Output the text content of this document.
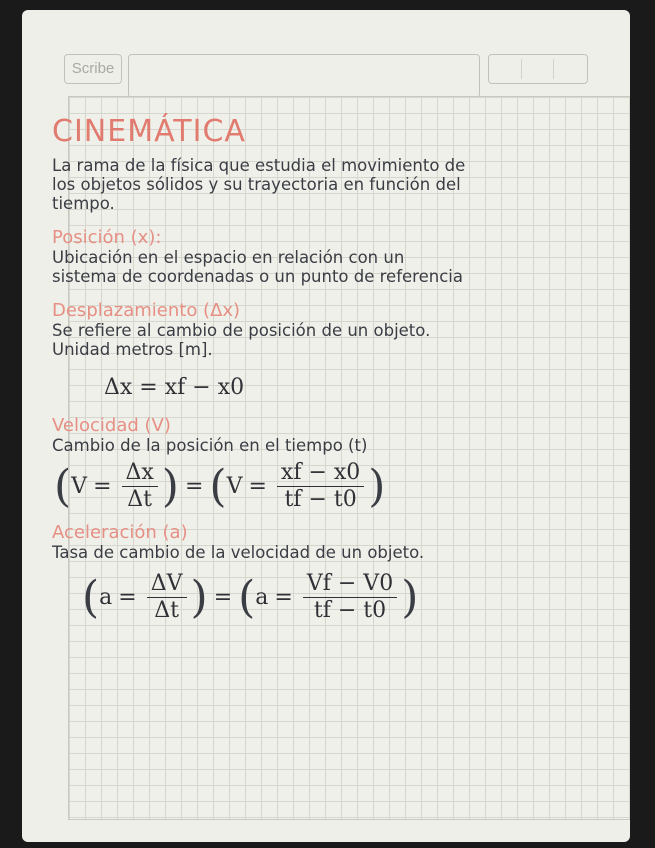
Scribe
CINEMÁTICA

La rama de la física que estudia el movimiento de

los objetos sólidos y su trayectoria en función del

tiempo.

Posición (x):

Ubicación en el espacio en relación con un

sistema de coordenadas o un punto de referencia

Desplazamiento (Δx)

Se refiere al cambio de posición de un objeto.

Unidad metros [m].

Δx = xf − x0
Velocidad (V)

Cambio de la posición en el tiempo (t)

( $V = \frac{\Delta x}{\Delta t}$ ) = ( $V = \frac{xf - x0}{tf - t0}$ )
Aceleración (a)

Tasa de cambio de la velocidad de un objeto.

( $a = \frac{\Delta V}{\Delta t}$ ) = ( $a = \frac{Vf - V0}{tf - t0}$ )
